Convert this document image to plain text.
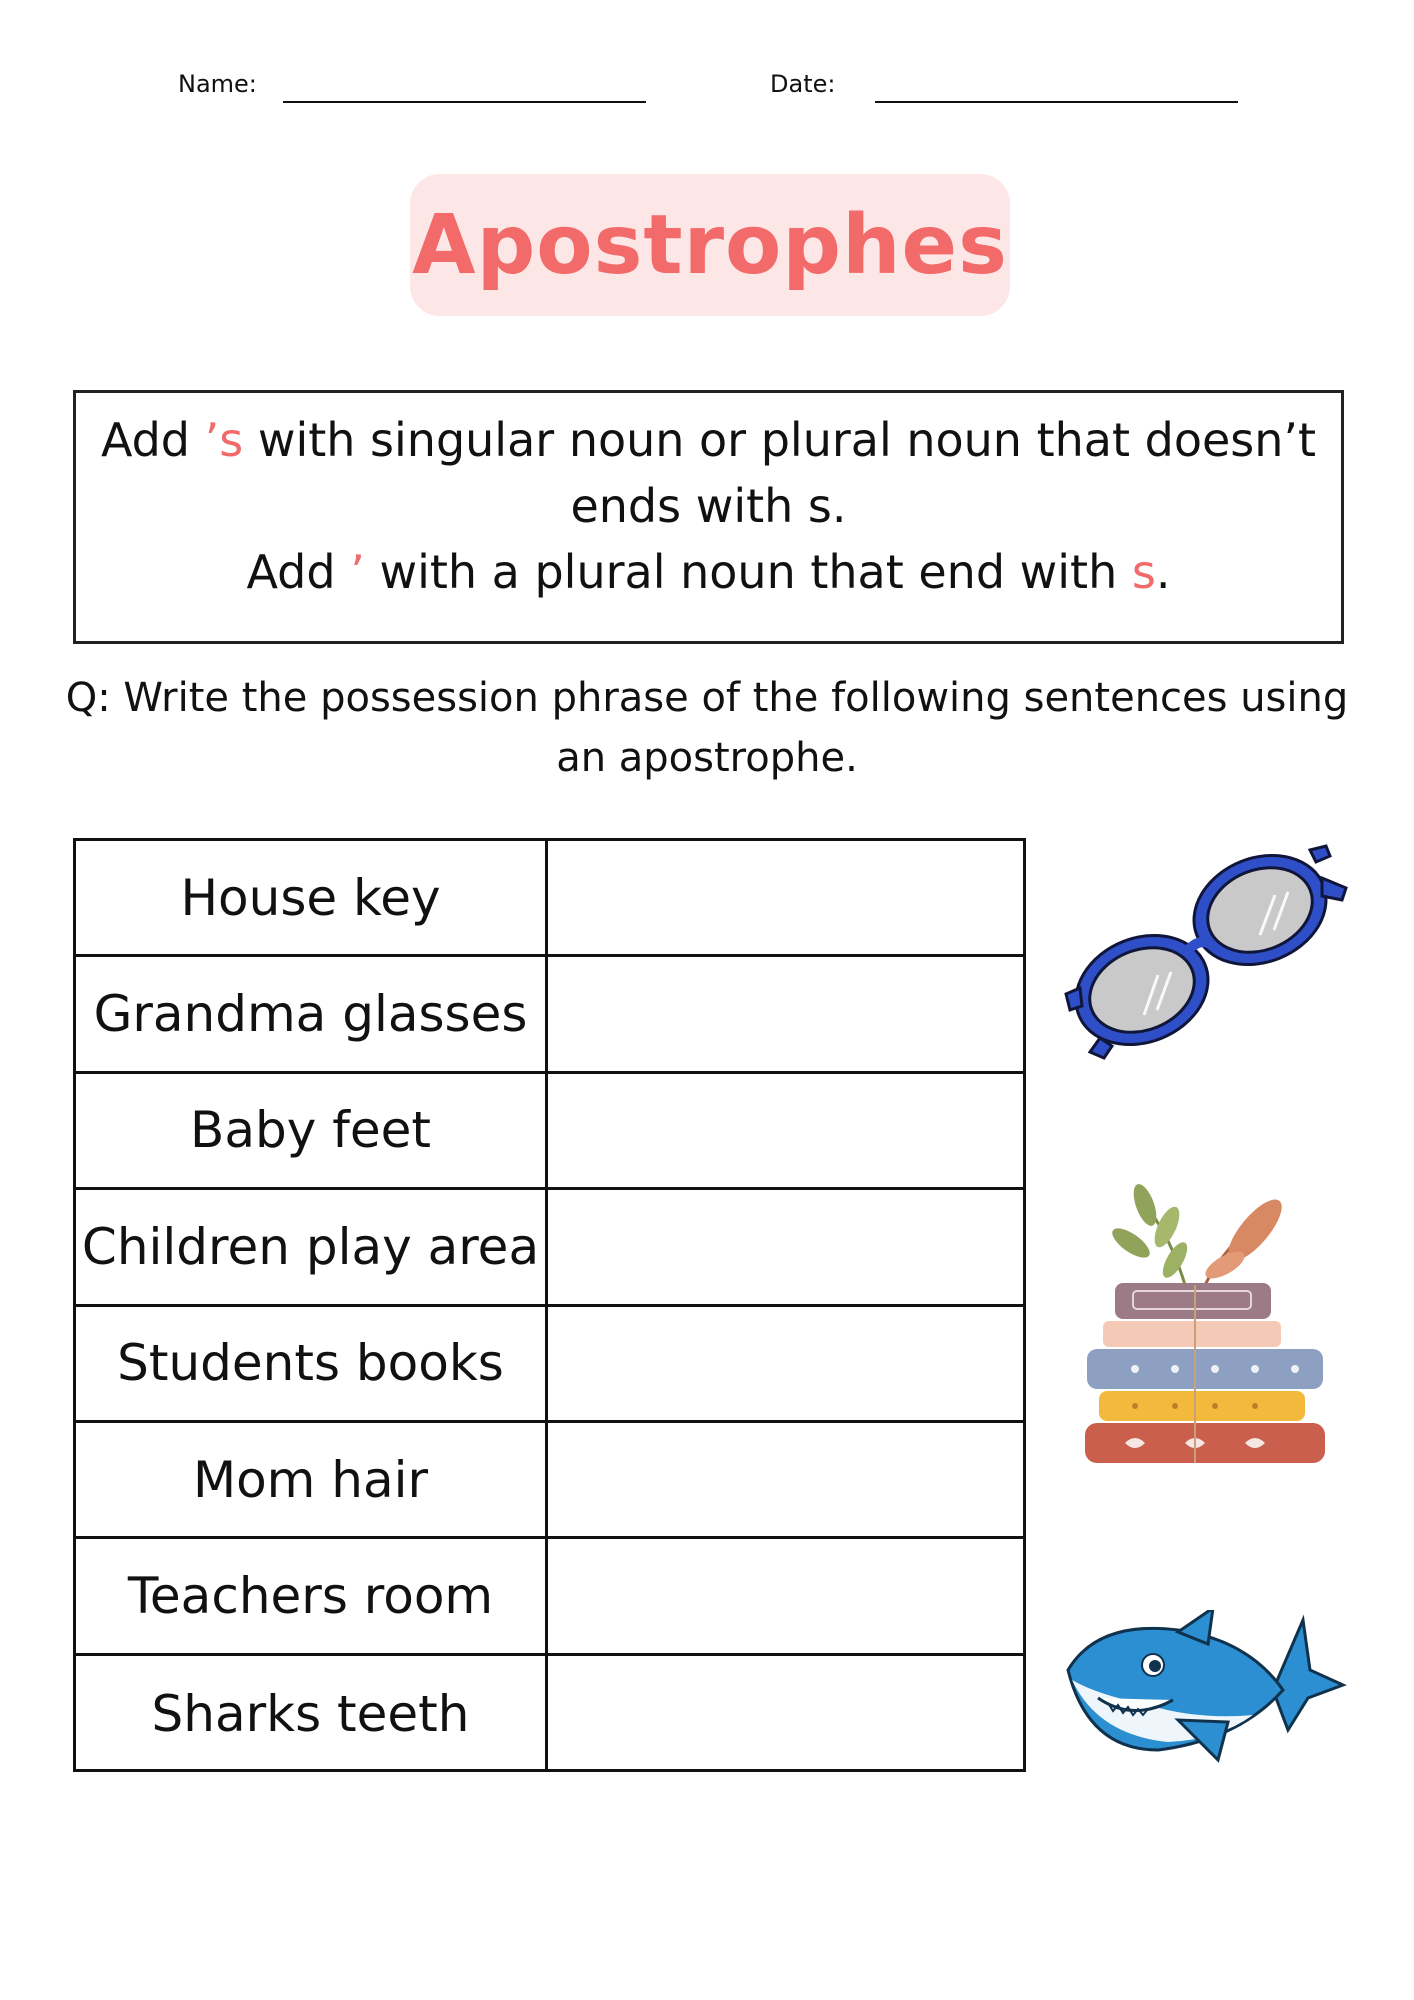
Name:	Date:
Apostrophes
Add ’s with singular noun or plural noun that doesn’t
ends with s.
Add ’ with a plural noun that end with s.
Q: Write the possession phrase of the following sentences using
an apostrophe.
House key
Grandma glasses
Baby feet
Children play area
Students books
Mom hair
Teachers room
Sharks teeth
